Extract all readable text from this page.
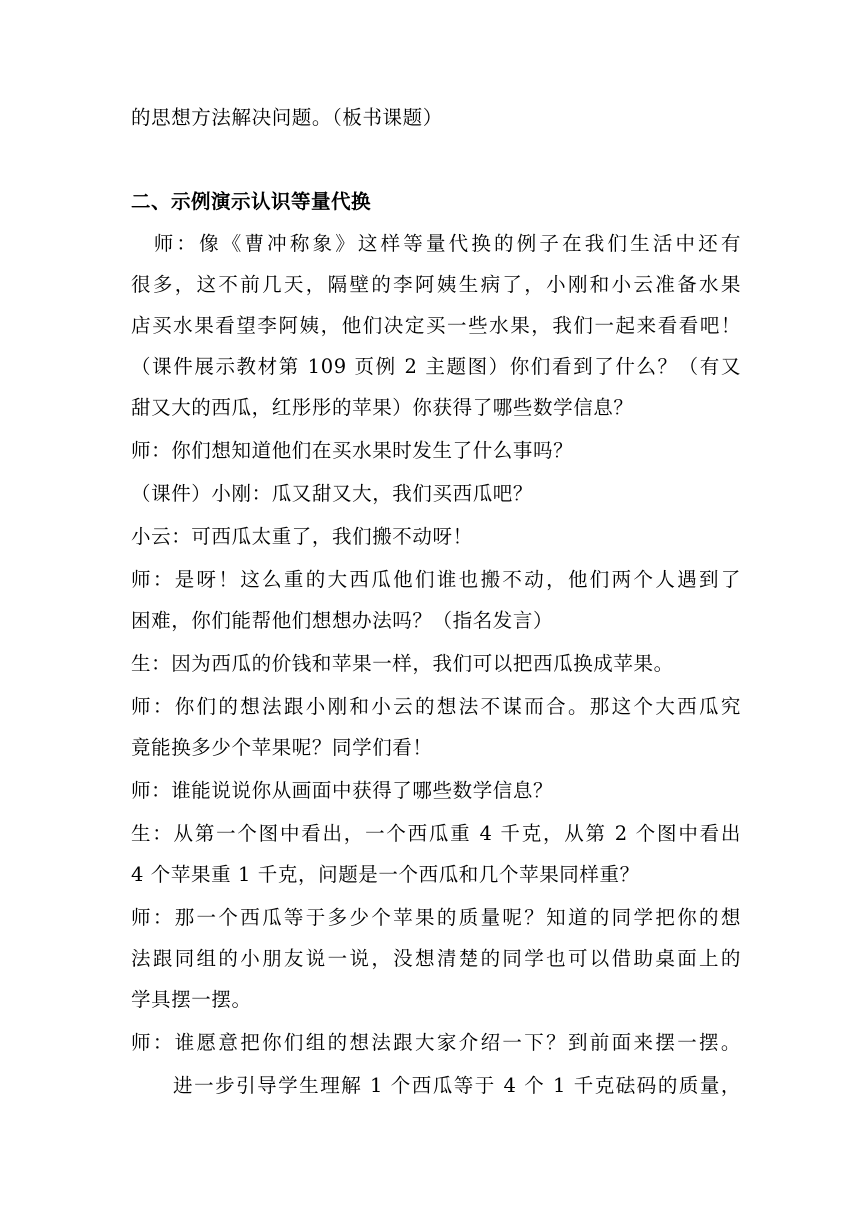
的思想方法解决问题。（板书课题）
二、示例演示认识等量代换
　师：像《曹冲称象》这样等量代换的例子在我们生活中还有
很多，这不前几天，隔壁的李阿姨生病了，小刚和小云准备水果
店买水果看望李阿姨，他们决定买一些水果，我们一起来看看吧！
（课件展示教材第 109 页例 2 主题图）你们看到了什么？（有又
甜又大的西瓜，红彤彤的苹果）你获得了哪些数学信息？
师：你们想知道他们在买水果时发生了什么事吗？
（课件）小刚：瓜又甜又大，我们买西瓜吧？
小云：可西瓜太重了，我们搬不动呀！
师：是呀！这么重的大西瓜他们谁也搬不动，他们两个人遇到了
困难，你们能帮他们想想办法吗？（指名发言）
生：因为西瓜的价钱和苹果一样，我们可以把西瓜换成苹果。
师：你们的想法跟小刚和小云的想法不谋而合。那这个大西瓜究
竟能换多少个苹果呢？同学们看！
师：谁能说说你从画面中获得了哪些数学信息？
生：从第一个图中看出，一个西瓜重 4 千克，从第 2 个图中看出
4 个苹果重 1 千克，问题是一个西瓜和几个苹果同样重？
师：那一个西瓜等于多少个苹果的质量呢？知道的同学把你的想
法跟同组的小朋友说一说，没想清楚的同学也可以借助桌面上的
学具摆一摆。
师：谁愿意把你们组的想法跟大家介绍一下？到前面来摆一摆。
　　进一步引导学生理解 1 个西瓜等于 4 个 1 千克砝码的质量，
